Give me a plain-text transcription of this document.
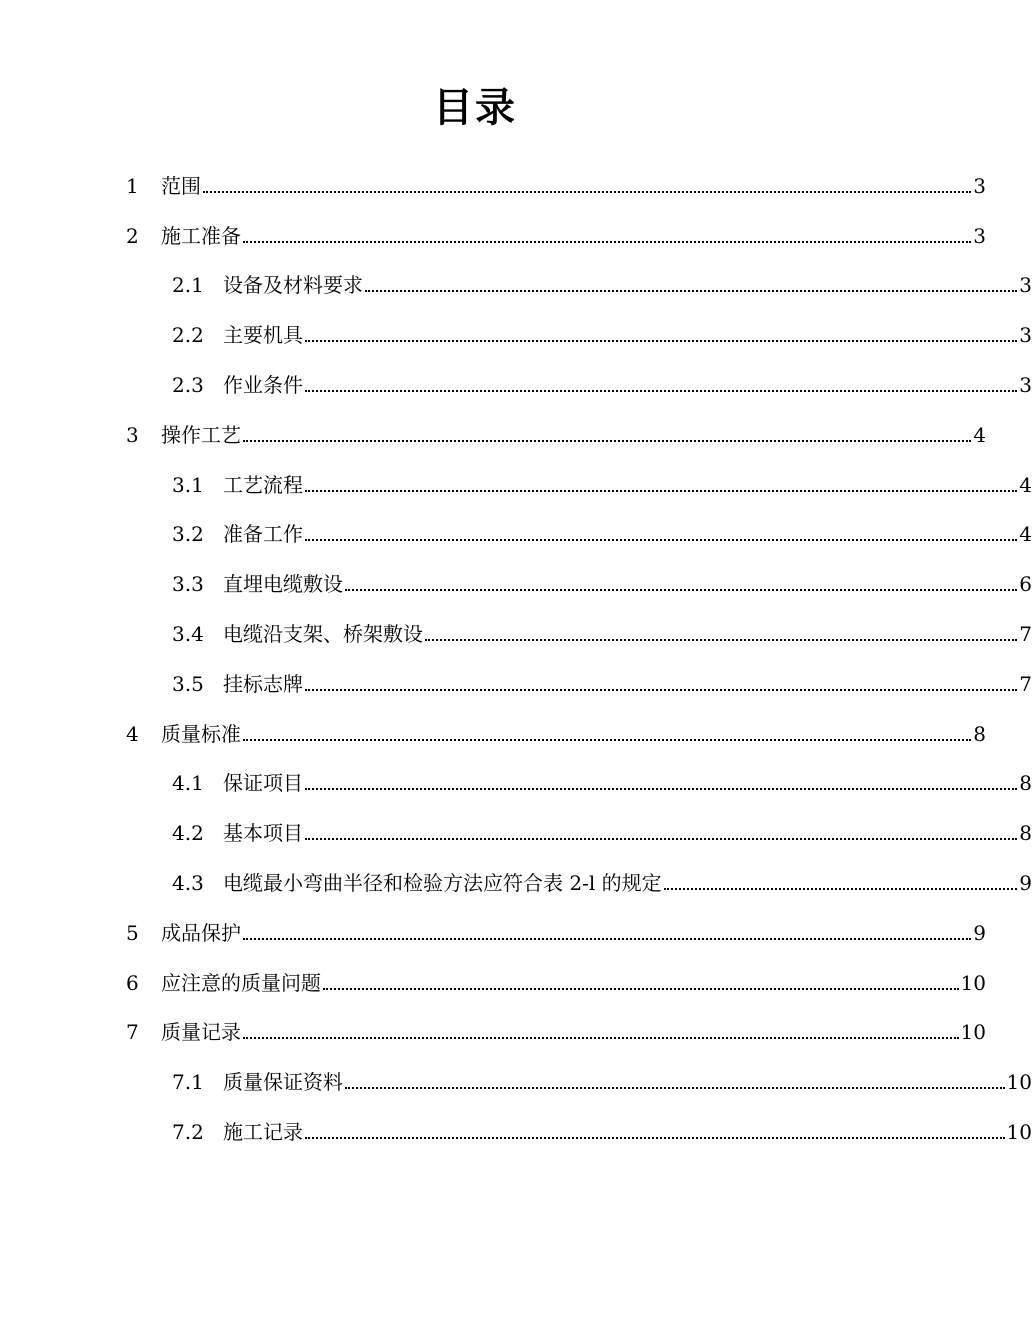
目录
1	范围	3
2	施工准备	3
2.1 设备及材料要求	3
2.2 主要机具	3
2.3 作业条件	3
3	操作工艺	4
3.1 工艺流程	4
3.2 准备工作	4
3.3 直埋电缆敷设	6
3.4 电缆沿支架、桥架敷设	7
3.5 挂标志牌	7
4	质量标准	8
4.1 保证项目	8
4.2 基本项目	8
4.3 电缆最小弯曲半径和检验方法应符合表 2-l 的规定	9
5	成品保护	9
6	应注意的质量问题	10
7	质量记录	10
7.1 质量保证资料	10
7.2 施工记录	10
